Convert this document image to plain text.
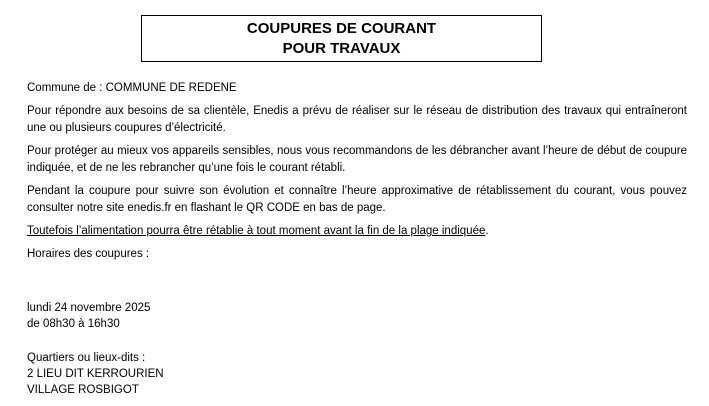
COUPURES DE COURANT
POUR TRAVAUX

Commune de : COMMUNE DE REDENE

Pour répondre aux besoins de sa clientèle, Enedis a prévu de réaliser sur le réseau de distribution des travaux qui entraîneront une ou plusieurs coupures d’électricité.

Pour protéger au mieux vos appareils sensibles, nous vous recommandons de les débrancher avant l’heure de début de coupure indiquée, et de ne les rebrancher qu’une fois le courant rétabli.

Pendant la coupure pour suivre son évolution et connaître l’heure approximative de rétablissement du courant, vous pouvez consulter notre site enedis.fr en flashant le QR CODE en bas de page.

Toutefois l’alimentation pourra être rétablie à tout moment avant la fin de la plage indiquée.

Horaires des coupures :

lundi 24 novembre 2025
de 08h30 à 16h30
Quartiers ou lieux-dits :
2 LIEU DIT KERROURIEN
VILLAGE ROSBIGOT
